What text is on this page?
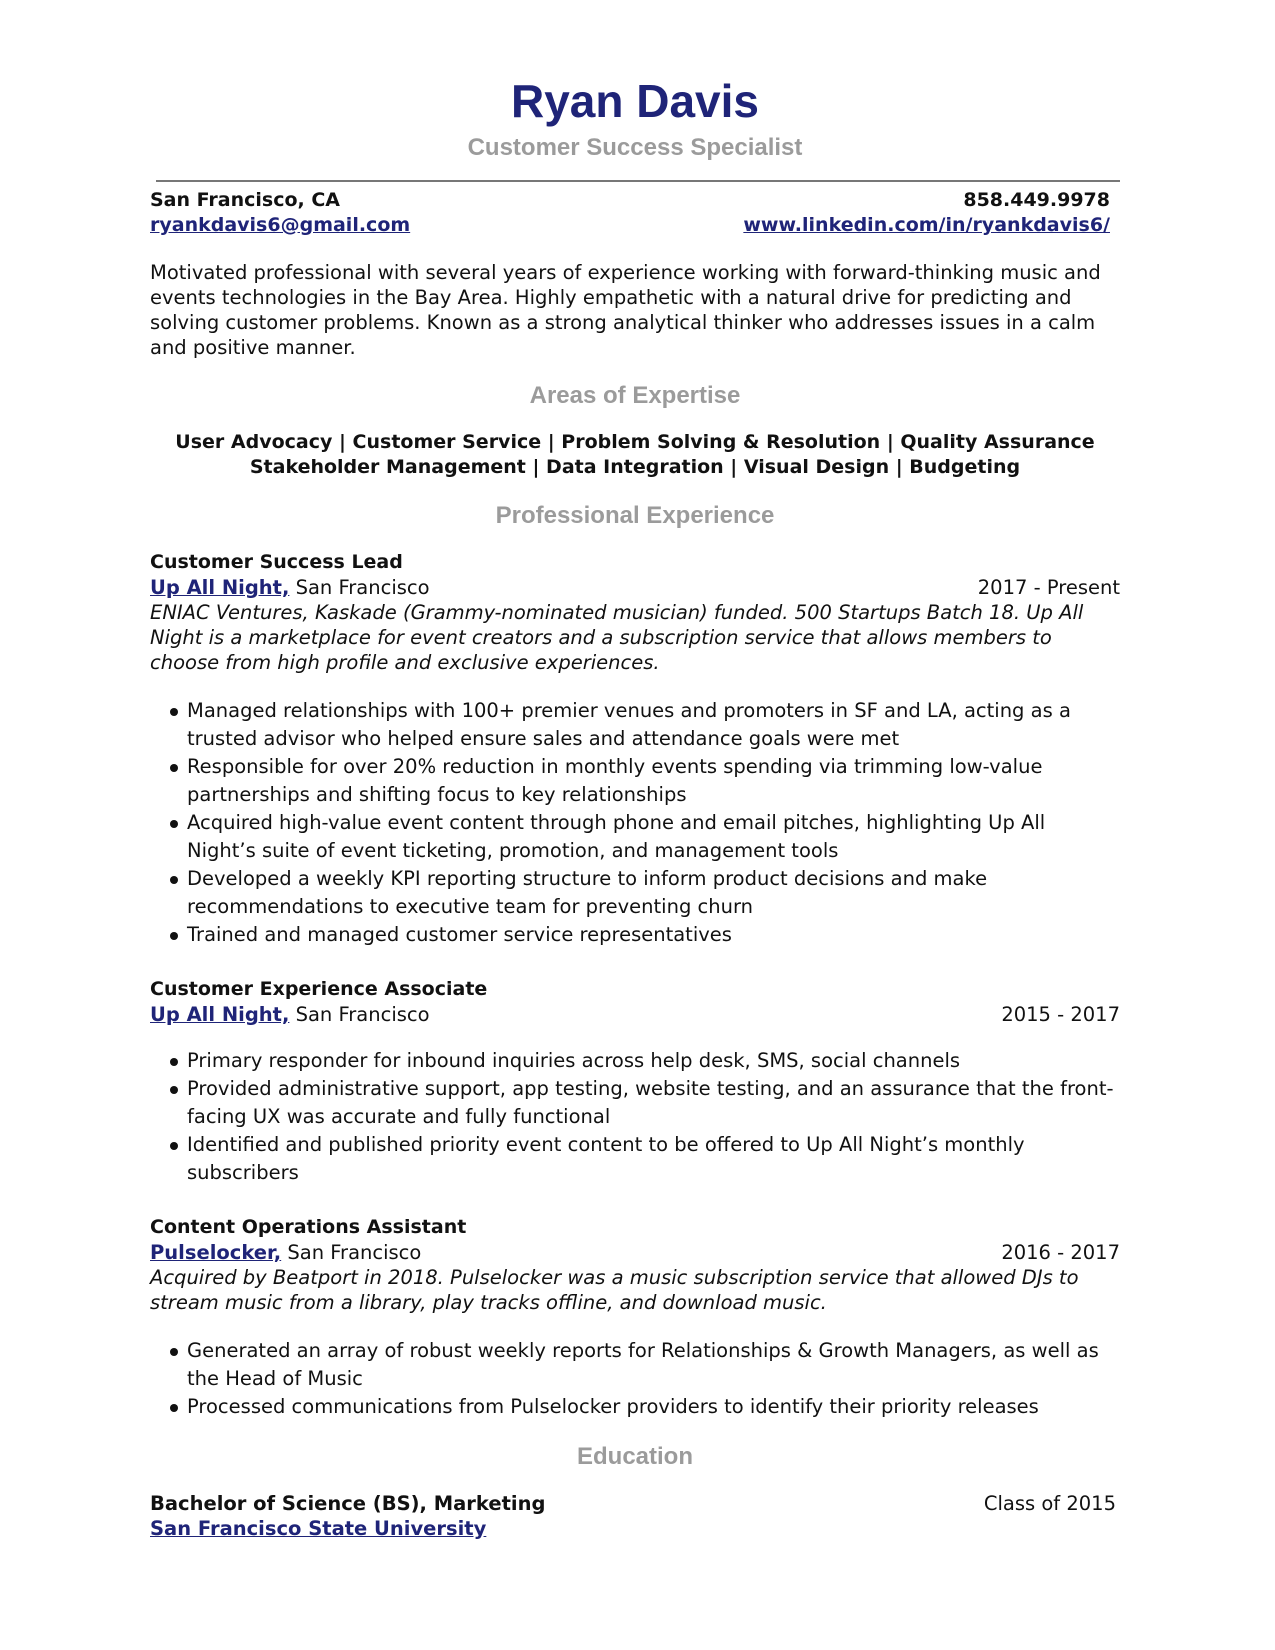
Ryan Davis

Customer Success Specialist

San Francisco, CA	858.449.9978
ryankdavis6@gmail.com	www.linkedin.com/in/ryankdavis6/

Motivated professional with several years of experience working with forward-thinking music and events technologies in the Bay Area. Highly empathetic with a natural drive for predicting and solving customer problems. Known as a strong analytical thinker who addresses issues in a calm and positive manner.

Areas of Expertise
User Advocacy | Customer Service | Problem Solving & Resolution | Quality Assurance
Stakeholder Management | Data Integration | Visual Design | Budgeting
Professional Experience
Customer Success Lead
Up All Night, San Francisco	2017 - Present
ENIAC Ventures, Kaskade (Grammy-nominated musician) funded. 500 Startups Batch 18. Up All Night is a marketplace for event creators and a subscription service that allows members to choose from high profile and exclusive experiences.
Managed relationships with 100+ premier venues and promoters in SF and LA, acting as a trusted advisor who helped ensure sales and attendance goals were met
Responsible for over 20% reduction in monthly events spending via trimming low-value partnerships and shifting focus to key relationships
Acquired high-value event content through phone and email pitches, highlighting Up All Night’s suite of event ticketing, promotion, and management tools
Developed a weekly KPI reporting structure to inform product decisions and make recommendations to executive team for preventing churn
Trained and managed customer service representatives
Customer Experience Associate
Up All Night, San Francisco	2015 - 2017
Primary responder for inbound inquiries across help desk, SMS, social channels
Provided administrative support, app testing, website testing, and an assurance that the front-facing UX was accurate and fully functional
Identified and published priority event content to be offered to Up All Night’s monthly subscribers
Content Operations Assistant
Pulselocker, San Francisco	2016 - 2017
Acquired by Beatport in 2018. Pulselocker was a music subscription service that allowed DJs to stream music from a library, play tracks offline, and download music.
Generated an array of robust weekly reports for Relationships & Growth Managers, as well as the Head of Music
Processed communications from Pulselocker providers to identify their priority releases
Education
Bachelor of Science (BS), Marketing	Class of 2015
San Francisco State University
